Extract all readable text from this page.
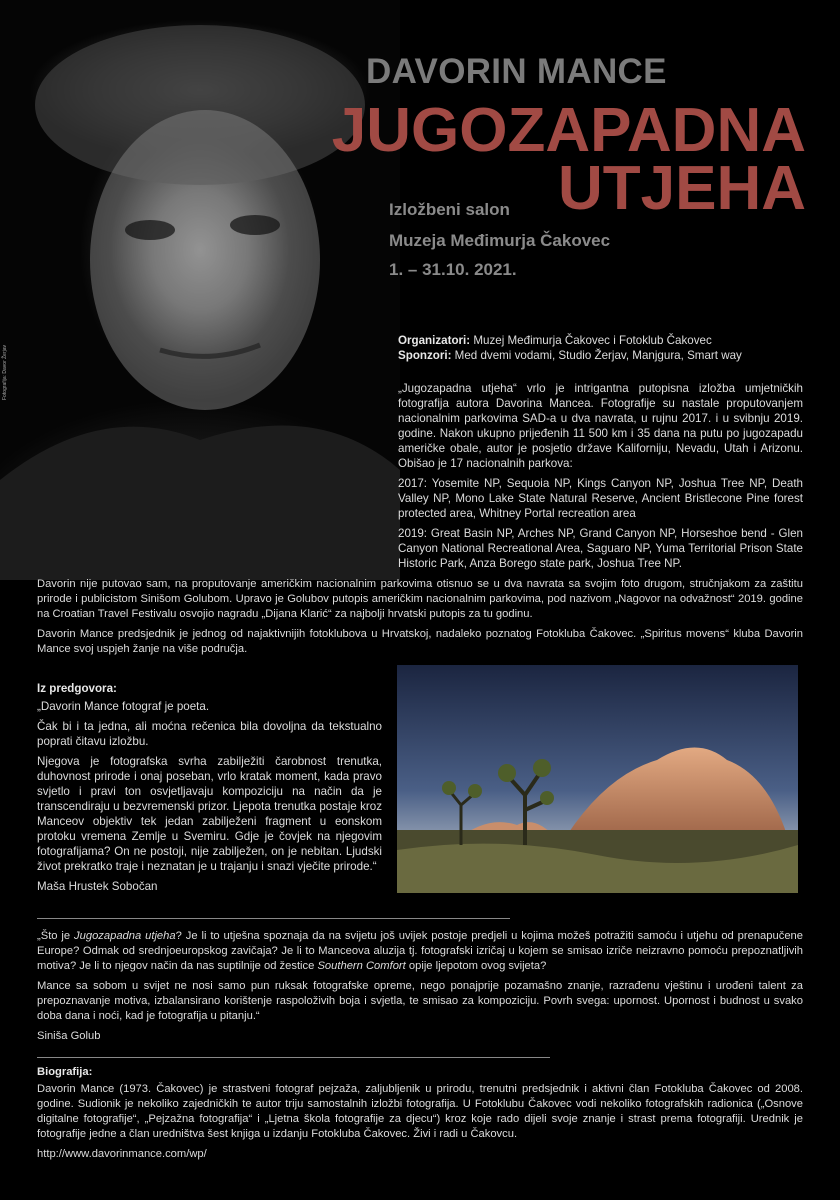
Fotografija: Davor Žerjav
DAVORIN MANCE
JUGOZAPADNA
UTJEHA
Izložbeni salon
Muzeja Međimurja Čakovec
1. – 31.10. 2021.
Organizatori: Muzej Međimurja Čakovec i Fotoklub Čakovec
Sponzori: Med dvemi vodami, Studio Žerjav, Manjgura, Smart way

„Jugozapadna utjeha“ vrlo je intrigantna putopisna izložba umjetničkih fotografija autora Davorina Mancea. Fotografije su nastale proputovanjem nacionalnim parkovima SAD-a u dva navrata, u rujnu 2017. i u svibnju 2019. godine. Nakon ukupno prijeđenih 11 500 km i 35 dana na putu po jugozapadu američke obale, autor je posjetio države Kaliforniju, Nevadu, Utah i Arizonu. Obišao je 17 nacionalnih parkova:

2017: Yosemite NP, Sequoia NP, Kings Canyon NP, Joshua Tree NP, Death Valley NP, Mono Lake State Natural Reserve, Ancient Bristlecone Pine forest protected area, Whitney Portal recreation area

2019: Great Basin NP, Arches NP, Grand Canyon NP, Horseshoe bend - Glen Canyon National Recreational Area, Saguaro NP, Yuma Territorial Prison State Historic Park, Anza Borego state park, Joshua Tree NP.

Davorin nije putovao sam, na proputovanje američkim nacionalnim parkovima otisnuo se u dva navrata sa svojim foto drugom, stručnjakom za zaštitu prirode i publicistom Sinišom Golubom. Upravo je Golubov putopis američkim nacionalnim parkovima, pod nazivom „Nagovor na odvažnost“ 2019. godine na Croatian Travel Festivalu osvojio nagradu „Dijana Klarić“ za najbolji hrvatski putopis za tu godinu.

Davorin Mance predsjednik je jednog od najaktivnijih fotoklubova u Hrvatskoj, nadaleko poznatog Fotokluba Čakovec. „Spiritus movens“ kluba Davorin Mance svoj uspjeh žanje na više područja.

Iz predgovora:

„Davorin Mance fotograf je poeta.

Čak bi i ta jedna, ali moćna rečenica bila dovoljna da tekstualno poprati čitavu izložbu.

Njegova je fotografska svrha zabilježiti čarobnost trenutka, duhovnost prirode i onaj poseban, vrlo kratak moment, kada pravo svjetlo i pravi ton osvjetljavaju kompoziciju na način da je transcendiraju u bezvremenski prizor. Ljepota trenutka postaje kroz Manceov objektiv tek jedan zabilježeni fragment u eonskom protoku vremena Zemlje u Svemiru. Gdje je čovjek na njegovim fotografijama? On ne postoji, nije zabilježen, on je nebitan. Ljudski život prekratko traje i neznatan je u trajanju i snazi vječite prirode.“

Maša Hrustek Sobočan

„Što je Jugozapadna utjeha? Je li to utješna spoznaja da na svijetu još uvijek postoje predjeli u kojima možeš potražiti samoću i utjehu od prenapučene Europe? Odmak od srednjoeuropskog zavičaja? Je li to Manceova aluzija tj. fotografski izričaj u kojem se smisao izriče neizravno pomoću prepoznatljivih motiva? Je li to njegov način da nas suptilnije od žestice Southern Comfort opije ljepotom ovog svijeta?

Mance sa sobom u svijet ne nosi samo pun ruksak fotografske opreme, nego ponajprije pozamašno znanje, razrađenu vještinu i urođeni talent za prepoznavanje motiva, izbalansirano korištenje raspoloživih boja i svjetla, te smisao za kompoziciju. Povrh svega: upornost. Upornost i budnost u svako doba dana i noći, kad je fotografija u pitanju.“

Siniša Golub

Biografija:

Davorin Mance (1973. Čakovec) je strastveni fotograf pejzaža, zaljubljenik u prirodu, trenutni predsjednik i aktivni član Fotokluba Čakovec od 2008. godine. Sudionik je nekoliko zajedničkih te autor triju samostalnih izložbi fotografija. U Fotoklubu Čakovec vodi nekoliko fotografskih radionica („Osnove digitalne fotografije“, „Pejzažna fotografija“ i „Ljetna škola fotografije za djecu“) kroz koje rado dijeli svoje znanje i strast prema fotografiji. Urednik je fotografije jedne a član uredništva šest knjiga u izdanju Fotokluba Čakovec. Živi i radi u Čakovcu.

http://www.davorinmance.com/wp/
